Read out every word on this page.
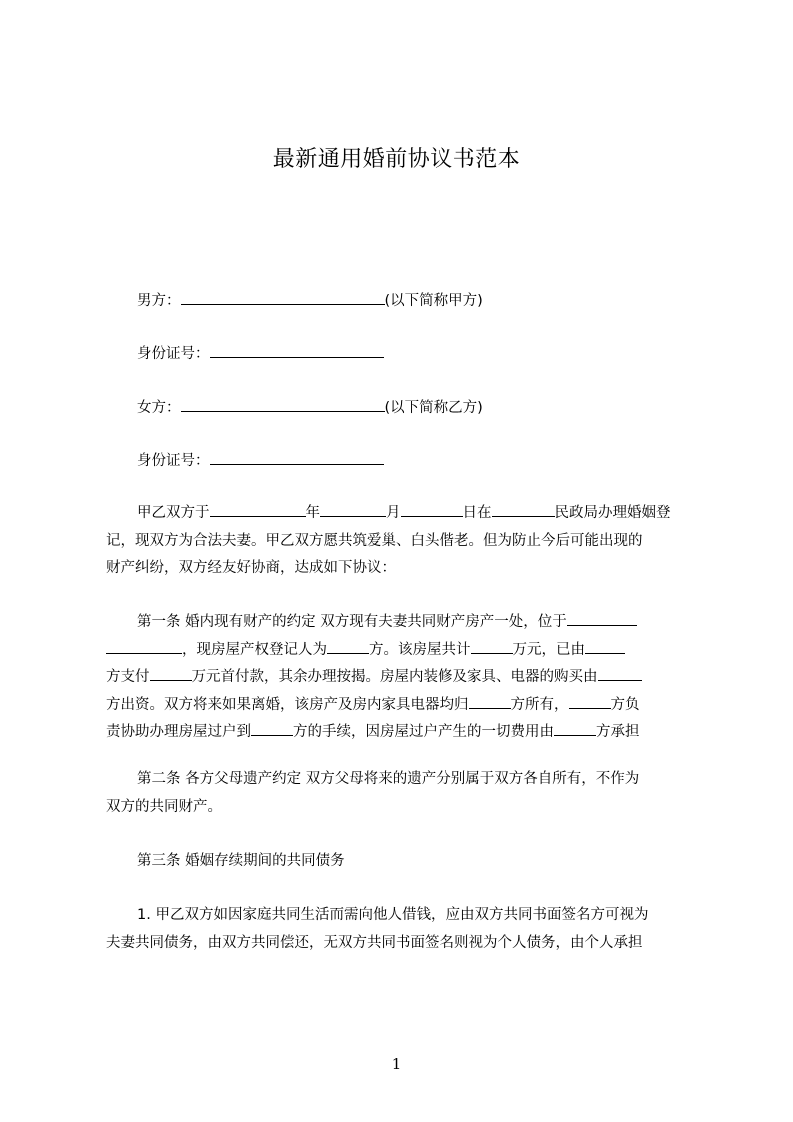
最新通用婚前协议书范本
男方：	(以下简称甲方)
身份证号：
女方：	(以下简称乙方)
身份证号：
甲乙双方于	年	月	日在	民政局办理婚姻登
记，现双方为合法夫妻。甲乙双方愿共筑爱巢、白头偕老。但为防止今后可能出现的
财产纠纷，双方经友好协商，达成如下协议：
第一条 婚内现有财产的约定 双方现有夫妻共同财产房产一处，位于
，现房屋产权登记人为	方。该房屋共计	万元，已由
方支付	万元首付款，其余办理按揭。房屋内装修及家具、电器的购买由
方出资。双方将来如果离婚，该房产及房内家具电器均归	方所有，	方负
责协助办理房屋过户到	方的手续，因房屋过户产生的一切费用由	方承担
第二条 各方父母遗产约定 双方父母将来的遗产分别属于双方各自所有，不作为
双方的共同财产。
第三条 婚姻存续期间的共同债务
1. 甲乙双方如因家庭共同生活而需向他人借钱，应由双方共同书面签名方可视为
夫妻共同债务，由双方共同偿还，无双方共同书面签名则视为个人债务，由个人承担
1
